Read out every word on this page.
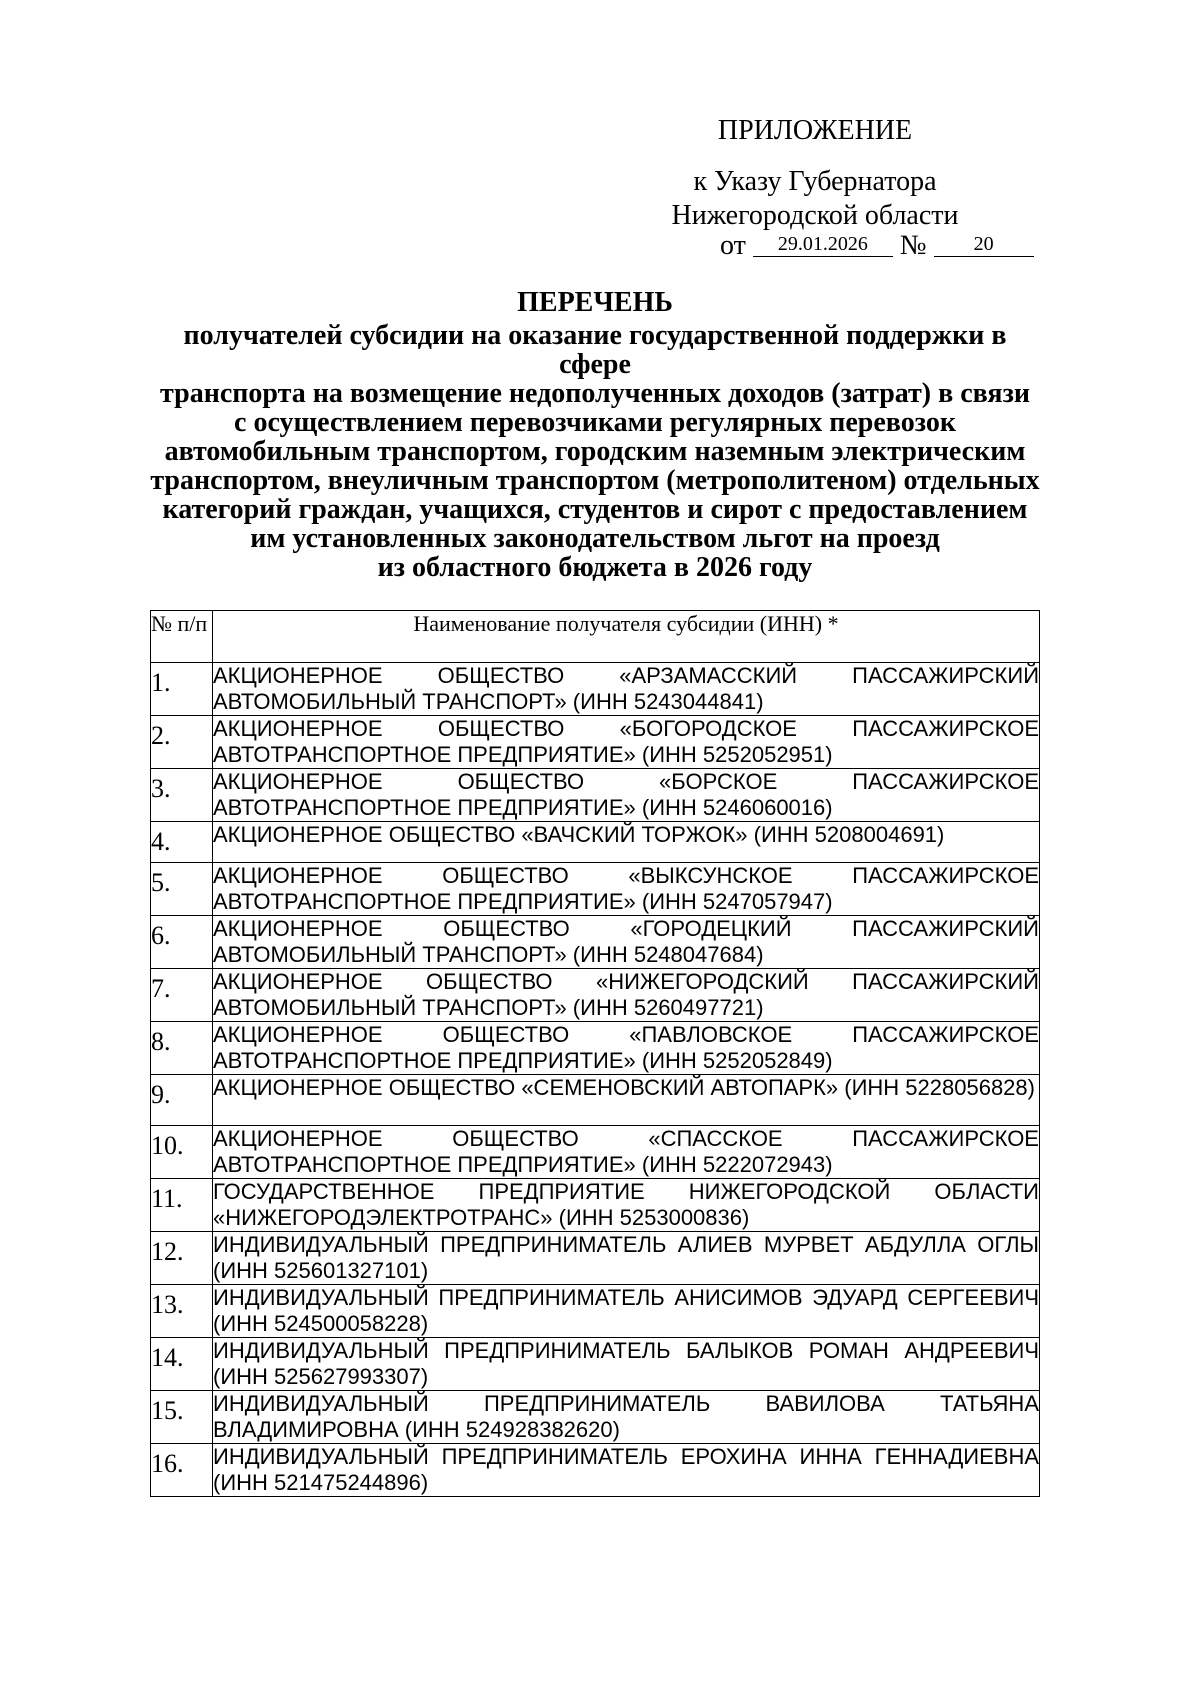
ПРИЛОЖЕНИЕ
к Указу Губернатора
Нижегородской области
от 29.01.2026 № 20
ПЕРЕЧЕНЬ
получателей субсидии на оказание государственной поддержки в сфере
транспорта на возмещение недополученных доходов (затрат) в связи
с осуществлением перевозчиками регулярных перевозок
автомобильным транспортом, городским наземным электрическим
транспортом, внеуличным транспортом (метрополитеном) отдельных
категорий граждан, учащихся, студентов и сирот с предоставлением
им установленных законодательством льгот на проезд
из областного бюджета в 2026 году
№ п/п	Наименование получателя субсидии (ИНН) *
1.	АКЦИОНЕРНОЕ ОБЩЕСТВО «АРЗАМАССКИЙ ПАССАЖИРСКИЙ АВТОМОБИЛЬНЫЙ ТРАНСПОРТ» (ИНН 5243044841)
2.	АКЦИОНЕРНОЕ ОБЩЕСТВО «БОГОРОДСКОЕ ПАССАЖИРСКОЕ АВТОТРАНСПОРТНОЕ ПРЕДПРИЯТИЕ» (ИНН 5252052951)
3.	АКЦИОНЕРНОЕ ОБЩЕСТВО «БОРСКОЕ ПАССАЖИРСКОЕ АВТОТРАНСПОРТНОЕ ПРЕДПРИЯТИЕ» (ИНН 5246060016)
4.	АКЦИОНЕРНОЕ ОБЩЕСТВО «ВАЧСКИЙ ТОРЖОК» (ИНН 5208004691)
5.	АКЦИОНЕРНОЕ ОБЩЕСТВО «ВЫКСУНСКОЕ ПАССАЖИРСКОЕ АВТОТРАНСПОРТНОЕ ПРЕДПРИЯТИЕ» (ИНН 5247057947)
6.	АКЦИОНЕРНОЕ ОБЩЕСТВО «ГОРОДЕЦКИЙ ПАССАЖИРСКИЙ АВТОМОБИЛЬНЫЙ ТРАНСПОРТ» (ИНН 5248047684)
7.	АКЦИОНЕРНОЕ ОБЩЕСТВО «НИЖЕГОРОДСКИЙ ПАССАЖИРСКИЙ АВТОМОБИЛЬНЫЙ ТРАНСПОРТ» (ИНН 5260497721)
8.	АКЦИОНЕРНОЕ ОБЩЕСТВО «ПАВЛОВСКОЕ ПАССАЖИРСКОЕ АВТОТРАНСПОРТНОЕ ПРЕДПРИЯТИЕ» (ИНН 5252052849)
9.	АКЦИОНЕРНОЕ ОБЩЕСТВО «СЕМЕНОВСКИЙ АВТОПАРК» (ИНН 5228056828)
10.	АКЦИОНЕРНОЕ ОБЩЕСТВО «СПАССКОЕ ПАССАЖИРСКОЕ АВТОТРАНСПОРТНОЕ ПРЕДПРИЯТИЕ» (ИНН 5222072943)
11.	ГОСУДАРСТВЕННОЕ ПРЕДПРИЯТИЕ НИЖЕГОРОДСКОЙ ОБЛАСТИ «НИЖЕГОРОДЭЛЕКТРОТРАНС» (ИНН 5253000836)
12.	ИНДИВИДУАЛЬНЫЙ ПРЕДПРИНИМАТЕЛЬ АЛИЕВ МУРВЕТ АБДУЛЛА ОГЛЫ (ИНН 525601327101)
13.	ИНДИВИДУАЛЬНЫЙ ПРЕДПРИНИМАТЕЛЬ АНИСИМОВ ЭДУАРД СЕРГЕЕВИЧ (ИНН 524500058228)
14.	ИНДИВИДУАЛЬНЫЙ ПРЕДПРИНИМАТЕЛЬ БАЛЫКОВ РОМАН АНДРЕЕВИЧ (ИНН 525627993307)
15.	ИНДИВИДУАЛЬНЫЙ ПРЕДПРИНИМАТЕЛЬ ВАВИЛОВА ТАТЬЯНА ВЛАДИМИРОВНА (ИНН 524928382620)
16.	ИНДИВИДУАЛЬНЫЙ ПРЕДПРИНИМАТЕЛЬ ЕРОХИНА ИННА ГЕННАДИЕВНА (ИНН 521475244896)
